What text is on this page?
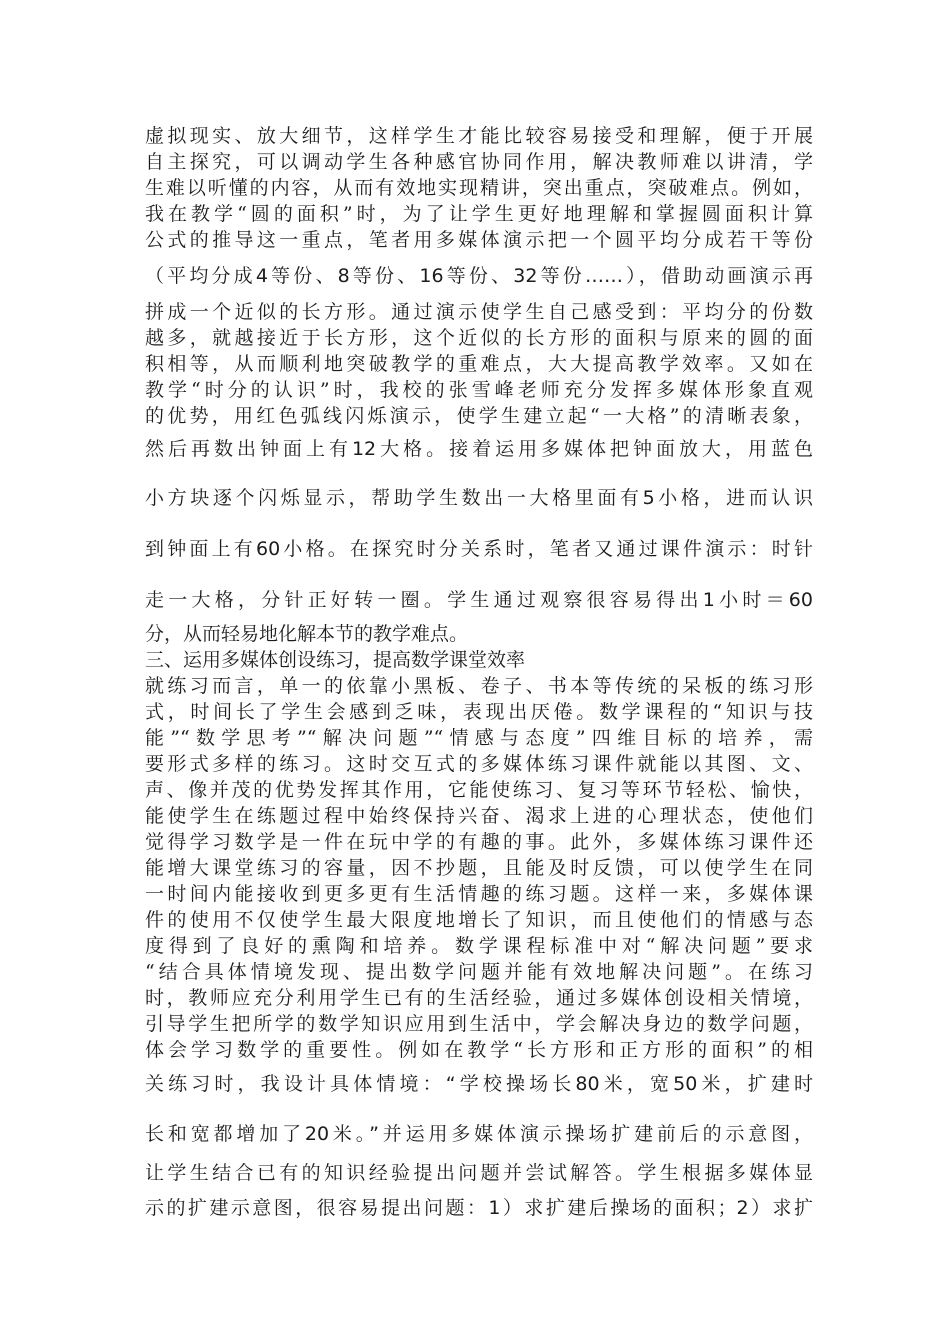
虚拟现实、放大细节，这样学生才能比较容易接受和理解，便于开展

自主探究，可以调动学生各种感官协同作用，解决教师难以讲清，学

生难以听懂的内容，从而有效地实现精讲，突出重点，突破难点。例如，

我在教学“圆的面积”时，为了让学生更好地理解和掌握圆面积计算

公式的推导这一重点，笔者用多媒体演示把一个圆平均分成若干等份

（平均分成4等份、8等份、16等份、32等份……），借助动画演示再

拼成一个近似的长方形。通过演示使学生自己感受到：平均分的份数

越多，就越接近于长方形，这个近似的长方形的面积与原来的圆的面

积相等，从而顺利地突破教学的重难点，大大提高教学效率。又如在

教学“时分的认识”时，我校的张雪峰老师充分发挥多媒体形象直观

的优势，用红色弧线闪烁演示，使学生建立起“一大格”的清晰表象，

然后再数出钟面上有12大格。接着运用多媒体把钟面放大，用蓝色

小方块逐个闪烁显示，帮助学生数出一大格里面有5小格，进而认识

到钟面上有60小格。在探究时分关系时，笔者又通过课件演示：时针

走一大格，分针正好转一圈。学生通过观察很容易得出1小时＝60

分，从而轻易地化解本节的教学难点。

三、运用多媒体创设练习，提高数学课堂效率

就练习而言，单一的依靠小黑板、卷子、书本等传统的呆板的练习形

式，时间长了学生会感到乏味，表现出厌倦。数学课程的“知识与技

能”“数学思考”“解决问题”“情感与态度”四维目标的培养，需

要形式多样的练习。这时交互式的多媒体练习课件就能以其图、文、

声、像并茂的优势发挥其作用，它能使练习、复习等环节轻松、愉快，

能使学生在练题过程中始终保持兴奋、渴求上进的心理状态，使他们

觉得学习数学是一件在玩中学的有趣的事。此外，多媒体练习课件还

能增大课堂练习的容量，因不抄题，且能及时反馈，可以使学生在同

一时间内能接收到更多更有生活情趣的练习题。这样一来，多媒体课

件的使用不仅使学生最大限度地增长了知识，而且使他们的情感与态

度得到了良好的熏陶和培养。数学课程标准中对“解决问题”要求

“结合具体情境发现、提出数学问题并能有效地解决问题”。在练习

时，教师应充分利用学生已有的生活经验，通过多媒体创设相关情境，

引导学生把所学的数学知识应用到生活中，学会解决身边的数学问题，

体会学习数学的重要性。例如在教学“长方形和正方形的面积”的相

关练习时，我设计具体情境：“学校操场长80米，宽50米，扩建时

长和宽都增加了20米。”并运用多媒体演示操场扩建前后的示意图，

让学生结合已有的知识经验提出问题并尝试解答。学生根据多媒体显

示的扩建示意图，很容易提出问题：1）求扩建后操场的面积；2）求扩
